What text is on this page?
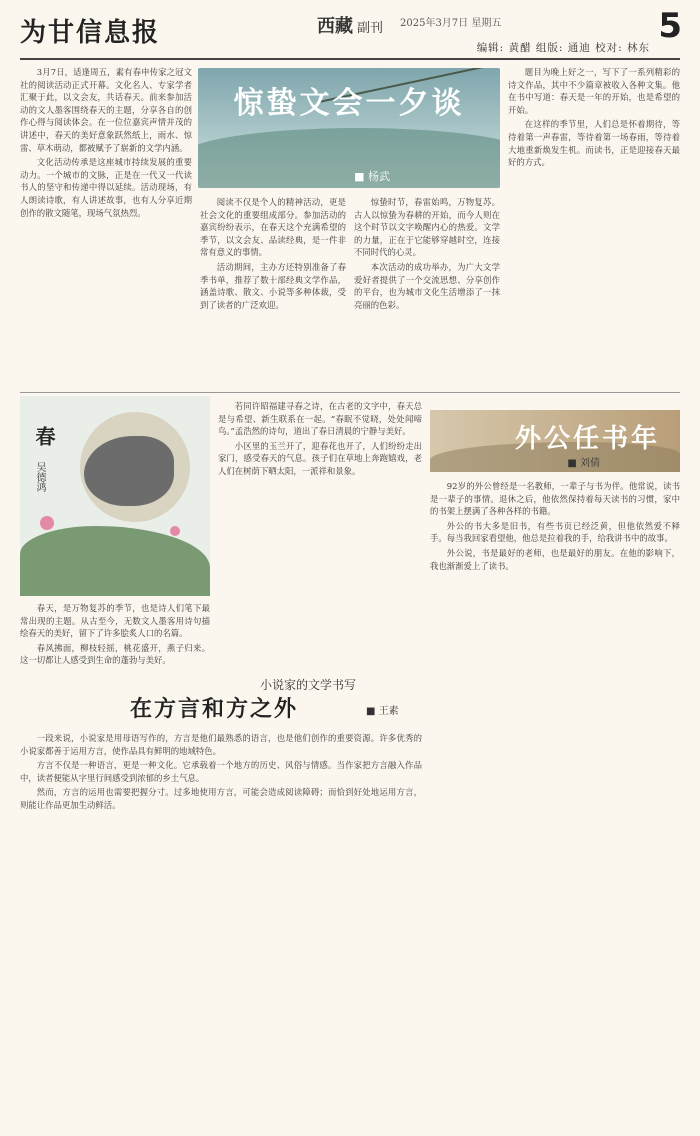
为甘信息报	西藏 副刊	2025年3月7日 星期五	5
编辑: 黄醋 组版: 通迪 校对: 林东
惊蛰文会一夕谈
■ 杨武

3月7日，适逢周五，素有春申传家之冠文社的阅读活动正式开幕。文化名人、专家学者汇聚于此，以文会友，共话春天。前来参加活动的文人墨客围绕春天的主题，分享各自的创作心得与阅读体会。在一位位嘉宾声情并茂的讲述中，春天的美好意象跃然纸上，雨水、惊雷、草木萌动，都被赋予了崭新的文学内涵。

文化活动传承是这座城市持续发展的重要动力。一个城市的文脉，正是在一代又一代读书人的坚守和传递中得以延续。活动现场，有人朗读诗歌，有人讲述故事，也有人分享近期创作的散文随笔，现场气氛热烈。

阅读不仅是个人的精神活动，更是社会文化的重要组成部分。参加活动的嘉宾纷纷表示，在春天这个充满希望的季节，以文会友、品读经典，是一件非常有意义的事情。

活动期间，主办方还特别准备了春季书单，推荐了数十部经典文学作品，涵盖诗歌、散文、小说等多种体裁，受到了读者的广泛欢迎。

惊蛰时节，春雷始鸣，万物复苏。古人以惊蛰为春耕的开始，而今人则在这个时节以文字唤醒内心的热爱。文学的力量，正在于它能够穿越时空，连接不同时代的心灵。

本次活动的成功举办，为广大文学爱好者提供了一个交流思想、分享创作的平台，也为城市文化生活增添了一抹亮丽的色彩。

题目为晚上好之一，写下了一系列精彩的诗文作品，其中不少篇章被收入各种文集。他在书中写道：春天是一年的开始，也是希望的开始。

在这样的季节里，人们总是怀着期待，等待着第一声春雷，等待着第一场春雨，等待着大地重新焕发生机。而读书，正是迎接春天最好的方式。

春
吴德鸿

春天，是万物复苏的季节，也是诗人们笔下最常出现的主题。从古至今，无数文人墨客用诗句描绘春天的美好，留下了许多脍炙人口的名篇。

春风拂面，柳枝轻摇，桃花盛开，燕子归来。这一切都让人感受到生命的蓬勃与美好。

若同许昭福建寻春之诗，在古老的文字中，春天总是与希望、新生联系在一起。“春眠不觉晓，处处闻啼鸟。”孟浩然的诗句，道出了春日清晨的宁静与美好。

小区里的玉兰开了，迎春花也开了，人们纷纷走出家门，感受春天的气息。孩子们在草地上奔跑嬉戏，老人们在树荫下晒太阳，一派祥和景象。

外公任书年
■ 刘倩

92岁的外公曾经是一名教师，一辈子与书为伴。他常说，读书是一辈子的事情。退休之后，他依然保持着每天读书的习惯，家中的书架上摆满了各种各样的书籍。

外公的书大多是旧书，有些书页已经泛黄，但他依然爱不释手。每当我回家看望他，他总是拉着我的手，给我讲书中的故事。

外公说，书是最好的老师，也是最好的朋友。在他的影响下，我也渐渐爱上了读书。

小说家的文学书写
在方言和方之外	■ 王素

一段来说，小说家是用母语写作的，方言是他们最熟悉的语言，也是他们创作的重要资源。许多优秀的小说家都善于运用方言，使作品具有鲜明的地域特色。

方言不仅是一种语言，更是一种文化。它承载着一个地方的历史、风俗与情感。当作家把方言融入作品中，读者便能从字里行间感受到浓郁的乡土气息。

然而，方言的运用也需要把握分寸。过多地使用方言，可能会造成阅读障碍；而恰到好处地运用方言，则能让作品更加生动鲜活。
